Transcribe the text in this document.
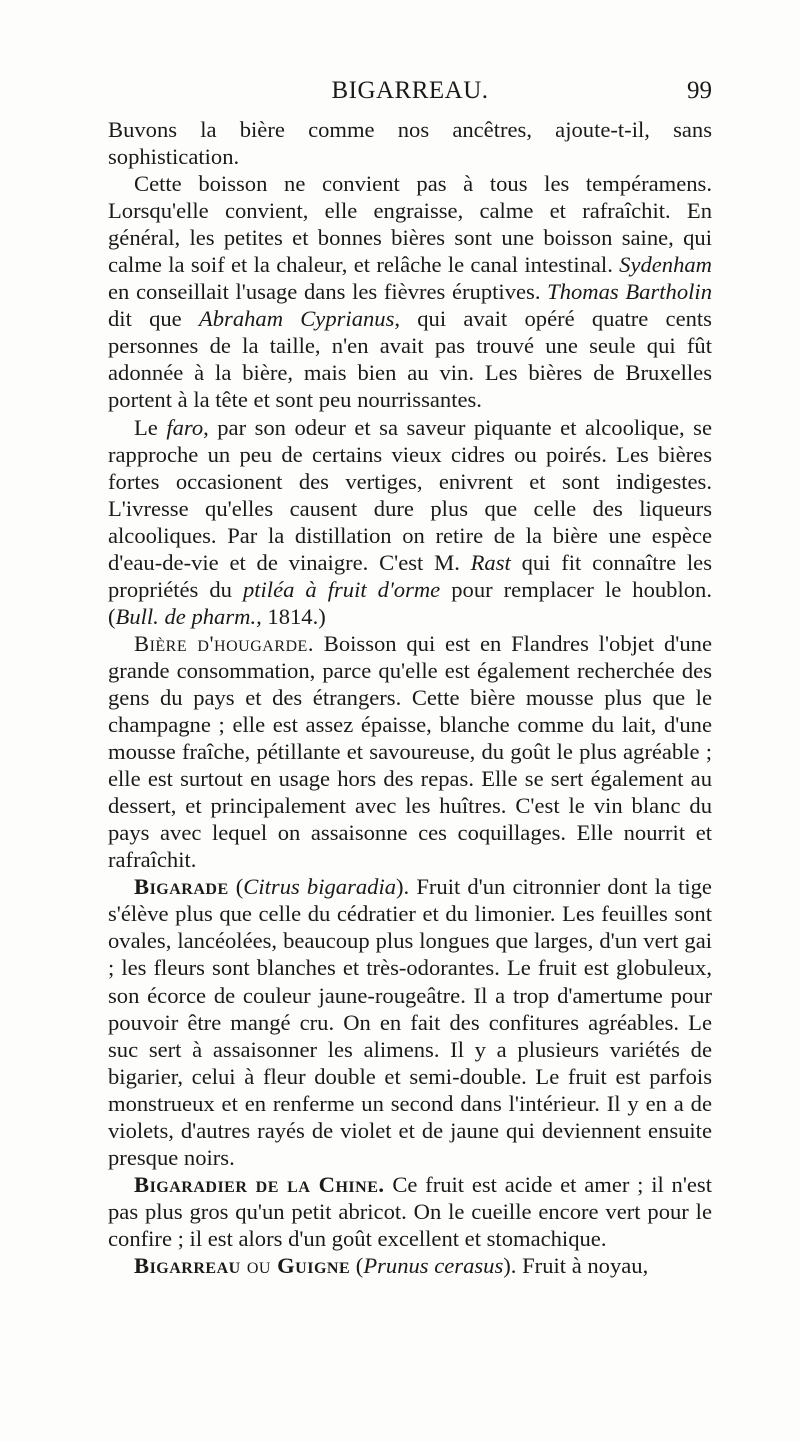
BIGARREAU.	99

Buvons la bière comme nos ancêtres, ajoute-t-il, sans sophistication.

Cette boisson ne convient pas à tous les tempéramens. Lorsqu'elle convient, elle engraisse, calme et rafraîchit. En général, les petites et bonnes bières sont une boisson saine, qui calme la soif et la chaleur, et relâche le canal intestinal. Sydenham en conseillait l'usage dans les fièvres éruptives. Thomas Bartholin dit que Abraham Cyprianus, qui avait opéré quatre cents personnes de la taille, n'en avait pas trouvé une seule qui fût adonnée à la bière, mais bien au vin. Les bières de Bruxelles portent à la tête et sont peu nourrissantes.

Le faro, par son odeur et sa saveur piquante et alcoolique, se rapproche un peu de certains vieux cidres ou poirés. Les bières fortes occasionent des vertiges, enivrent et sont indigestes. L'ivresse qu'elles causent dure plus que celle des liqueurs alcooliques. Par la distillation on retire de la bière une espèce d'eau-de-vie et de vinaigre. C'est M. Rast qui fit connaître les propriétés du ptiléa à fruit d'orme pour remplacer le houblon. (Bull. de pharm., 1814.)

Bière d'hougarde. Boisson qui est en Flandres l'objet d'une grande consommation, parce qu'elle est également recherchée des gens du pays et des étrangers. Cette bière mousse plus que le champagne ; elle est assez épaisse, blanche comme du lait, d'une mousse fraîche, pétillante et savoureuse, du goût le plus agréable ; elle est surtout en usage hors des repas. Elle se sert également au dessert, et principalement avec les huîtres. C'est le vin blanc du pays avec lequel on assaisonne ces coquillages. Elle nourrit et rafraîchit.

Bigarade (Citrus bigaradia). Fruit d'un citronnier dont la tige s'élève plus que celle du cédratier et du limonier. Les feuilles sont ovales, lancéolées, beaucoup plus longues que larges, d'un vert gai ; les fleurs sont blanches et très-odorantes. Le fruit est globuleux, son écorce de couleur jaune-rougeâtre. Il a trop d'amertume pour pouvoir être mangé cru. On en fait des confitures agréables. Le suc sert à assaisonner les alimens. Il y a plusieurs variétés de bigarier, celui à fleur double et semi-double. Le fruit est parfois monstrueux et en renferme un second dans l'intérieur. Il y en a de violets, d'autres rayés de violet et de jaune qui deviennent ensuite presque noirs.

Bigaradier de la Chine. Ce fruit est acide et amer ; il n'est pas plus gros qu'un petit abricot. On le cueille encore vert pour le confire ; il est alors d'un goût excellent et stomachique.

Bigarreau ou Guigne (Prunus cerasus). Fruit à noyau,
